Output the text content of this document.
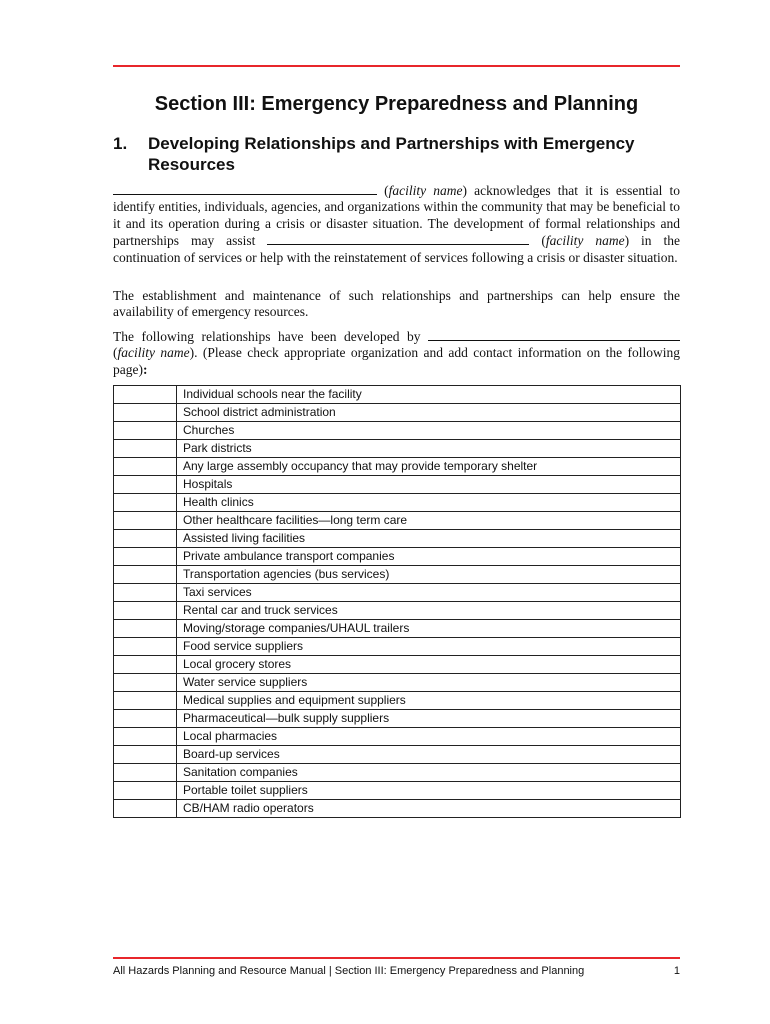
Section III: Emergency Preparedness and Planning
1.	Developing Relationships and Partnerships with Emergency Resources

(facility name) acknowledges that it is essential to identify entities, individuals, agencies, and organizations within the community that may be beneficial to it and its operation during a crisis or disaster situation. The development of formal relationships and partnerships may assist	(facility name) in the continuation of services or help with the reinstatement of services following a crisis or disaster situation.

The establishment and maintenance of such relationships and partnerships can help ensure the availability of emergency resources.

The following relationships have been developed by  (facility name). (Please check appropriate organization and add contact information on the following page):

	Individual schools near the facility
	School district administration
	Churches
	Park districts
	Any large assembly occupancy that may provide temporary shelter
	Hospitals
	Health clinics
	Other healthcare facilities—long term care
	Assisted living facilities
	Private ambulance transport companies
	Transportation agencies (bus services)
	Taxi services
	Rental car and truck services
	Moving/storage companies/UHAUL trailers
	Food service suppliers
	Local grocery stores
	Water service suppliers
	Medical supplies and equipment suppliers
	Pharmaceutical—bulk supply suppliers
	Local pharmacies
	Board-up services
	Sanitation companies
	Portable toilet suppliers
	CB/HAM radio operators
All Hazards Planning and Resource Manual | Section III: Emergency Preparedness and Planning	1
